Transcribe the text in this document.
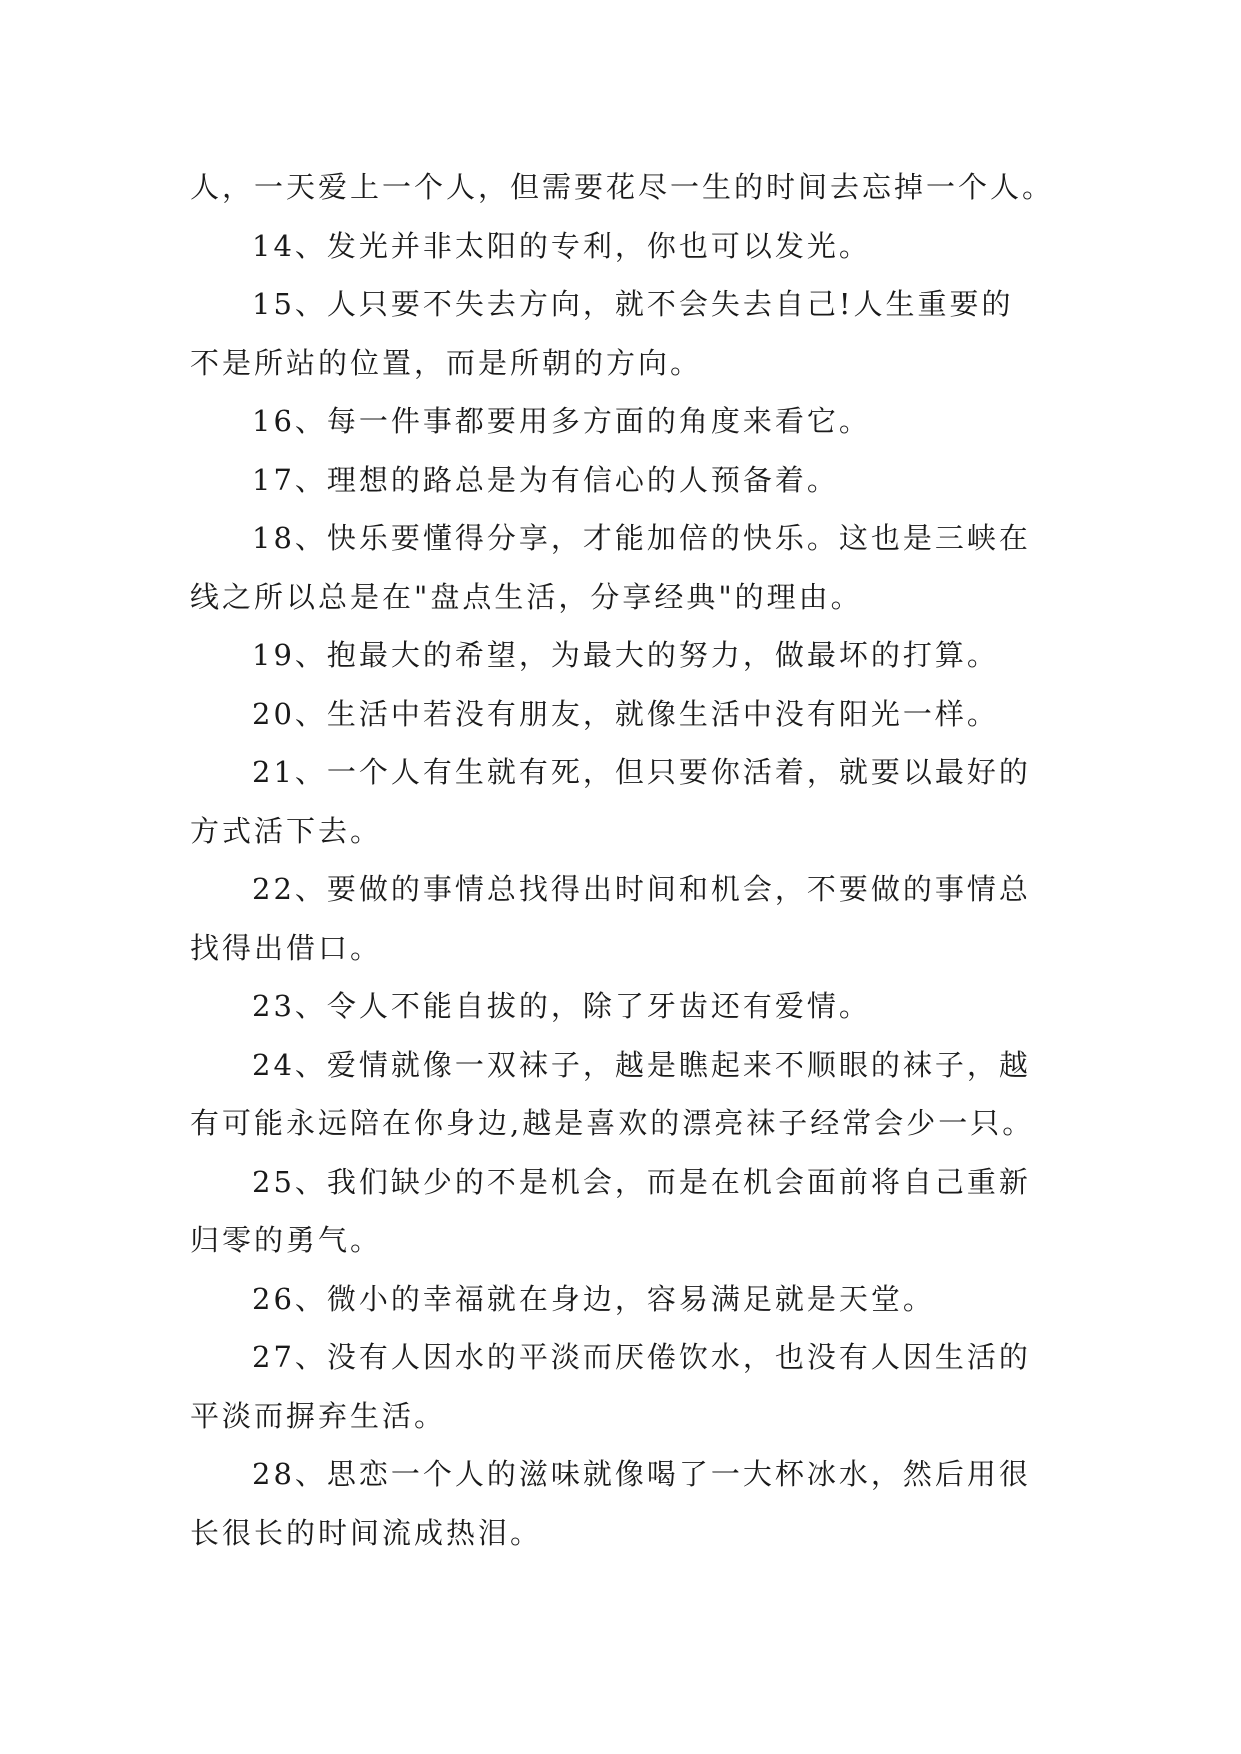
人，一天爱上一个人，但需要花尽一生的时间去忘掉一个人。

14、发光并非太阳的专利，你也可以发光。

15、人只要不失去方向，就不会失去自己!人生重要的
不是所站的位置，而是所朝的方向。

16、每一件事都要用多方面的角度来看它。

17、理想的路总是为有信心的人预备着。

18、快乐要懂得分享，才能加倍的快乐。这也是三峡在
线之所以总是在"盘点生活，分享经典"的理由。

19、抱最大的希望，为最大的努力，做最坏的打算。

20、生活中若没有朋友，就像生活中没有阳光一样。

21、一个人有生就有死，但只要你活着，就要以最好的
方式活下去。

22、要做的事情总找得出时间和机会，不要做的事情总
找得出借口。

23、令人不能自拔的，除了牙齿还有爱情。

24、爱情就像一双袜子，越是瞧起来不顺眼的袜子，越
有可能永远陪在你身边,越是喜欢的漂亮袜子经常会少一只。

25、我们缺少的不是机会，而是在机会面前将自己重新
归零的勇气。

26、微小的幸福就在身边，容易满足就是天堂。

27、没有人因水的平淡而厌倦饮水，也没有人因生活的
平淡而摒弃生活。

28、思恋一个人的滋味就像喝了一大杯冰水，然后用很
长很长的时间流成热泪。
